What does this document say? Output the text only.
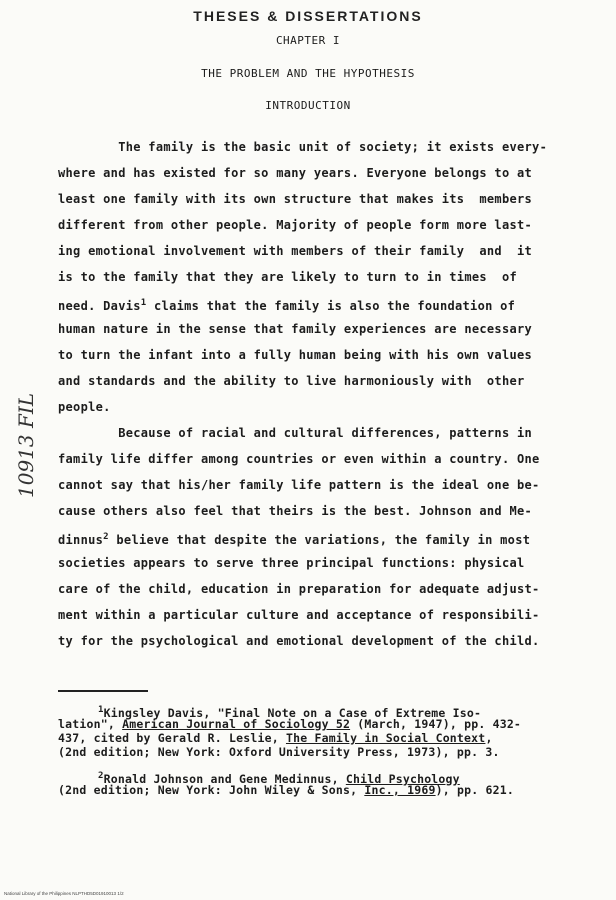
THESES & DISSERTATIONS
CHAPTER I
THE PROBLEM AND THE HYPOTHESIS
INTRODUCTION
The family is the basic unit of society; it exists every-
where and has existed for so many years. Everyone belongs to at
least one family with its own structure that makes its  members
different from other people. Majority of people form more last-
ing emotional involvement with members of their family  and  it
is to the family that they are likely to turn to in times  of
need. Davis$^1$ claims that the family is also the foundation of
human nature in the sense that family experiences are necessary
to turn the infant into a fully human being with his own values
and standards and the ability to live harmoniously with  other
people.
Because of racial and cultural differences, patterns in
family life differ among countries or even within a country. One
cannot say that his/her family life pattern is the ideal one be-
cause others also feel that theirs is the best. Johnson and Me-
dinnus$^2$ believe that despite the variations, the family in most
societies appears to serve three principal functions: physical
care of the child, education in preparation for adequate adjust-
ment within a particular culture and acceptance of responsibili-
ty for the psychological and emotional development of the child.
$^1$Kingsley Davis, "Final Note on a Case of Extreme Iso-
lation", American Journal of Sociology 52 (March, 1947), pp. 432-
437, cited by Gerald R. Leslie, The Family in Social Context,
(2nd edition; New York: Oxford University Press, 1973), pp. 3.
$^2$Ronald Johnson and Gene Medinnus, Child Psychology
(2nd edition; New York: John Wiley & Sons, Inc., 1969), pp. 621.
10913 FIL
National Library of the Philippines NLPTHD5D01910013 1/2
